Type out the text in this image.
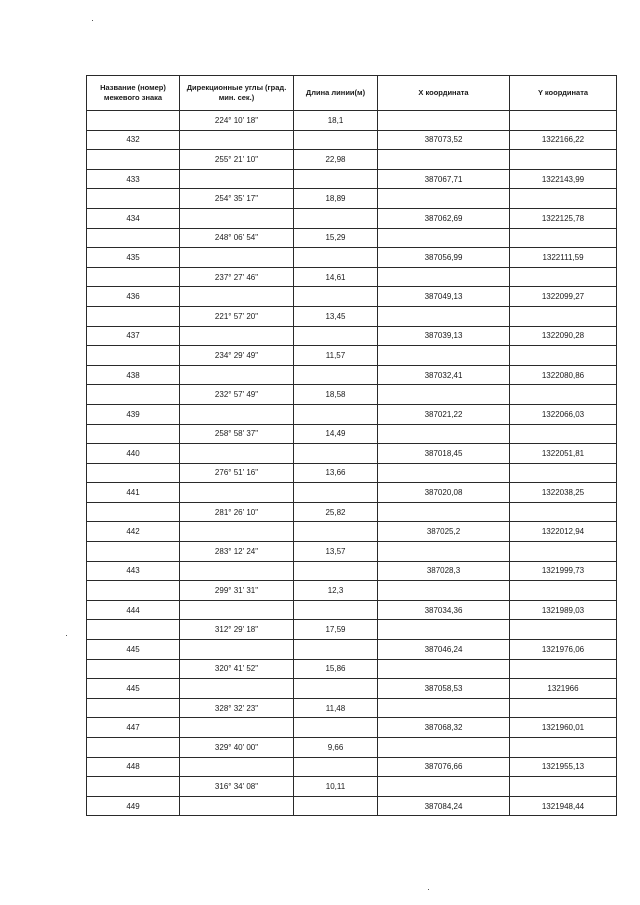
Название (номер) межевого знака	Дирекционные углы (град. мин. сек.)	Длина линии(м)	X координата	Y координата
	224° 10' 18"	18,1		
432			387073,52	1322166,22
	255° 21' 10"	22,98		
433			387067,71	1322143,99
	254° 35' 17"	18,89		
434			387062,69	1322125,78
	248° 06' 54"	15,29		
435			387056,99	1322111,59
	237° 27' 46"	14,61		
436			387049,13	1322099,27
	221° 57' 20"	13,45		
437			387039,13	1322090,28
	234° 29' 49"	11,57		
438			387032,41	1322080,86
	232° 57' 49"	18,58		
439			387021,22	1322066,03
	258° 58' 37"	14,49		
440			387018,45	1322051,81
	276° 51' 16"	13,66		
441			387020,08	1322038,25
	281° 26' 10"	25,82		
442			387025,2	1322012,94
	283° 12' 24"	13,57		
443			387028,3	1321999,73
	299° 31' 31"	12,3		
444			387034,36	1321989,03
	312° 29' 18"	17,59		
445			387046,24	1321976,06
	320° 41' 52"	15,86		
445			387058,53	1321966
	328° 32' 23"	11,48		
447			387068,32	1321960,01
	329° 40' 00"	9,66		
448			387076,66	1321955,13
	316° 34' 08"	10,11		
449			387084,24	1321948,44
